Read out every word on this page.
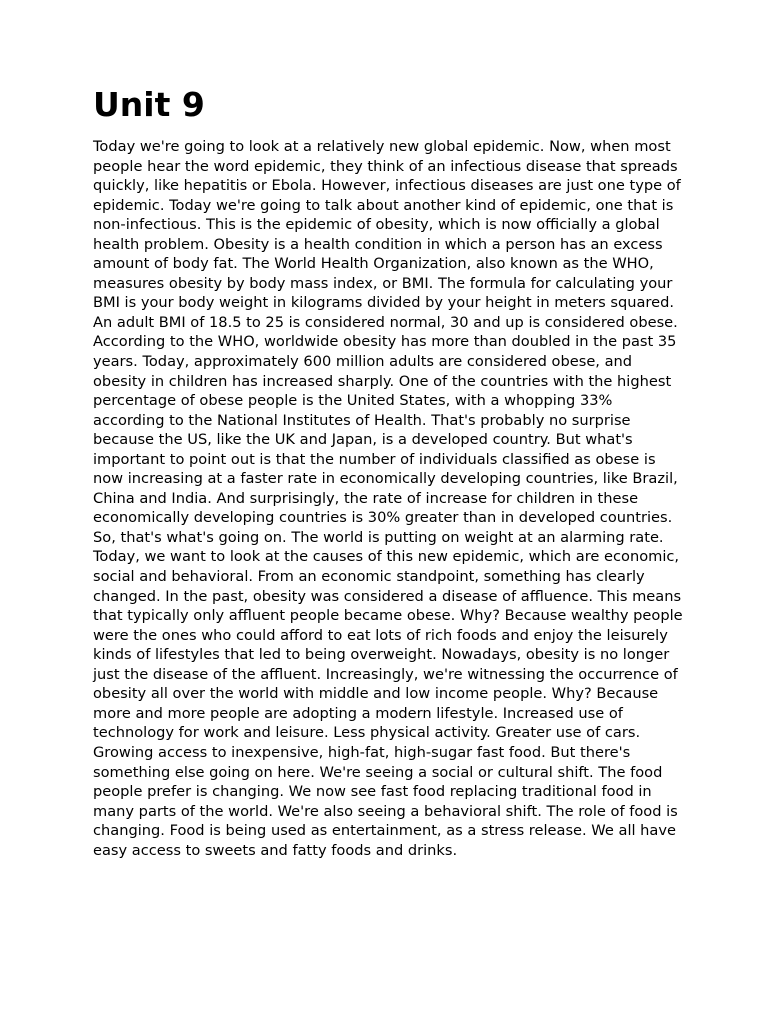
Unit 9

Today we're going to look at a relatively new global epidemic. Now, when most people hear the word epidemic, they think of an infectious disease that spreads quickly, like hepatitis or Ebola. However, infectious diseases are just one type of epidemic. Today we're going to talk about another kind of epidemic, one that is non-infectious. This is the epidemic of obesity, which is now officially a global health problem. Obesity is a health condition in which a person has an excess amount of body fat. The World Health Organization, also known as the WHO, measures obesity by body mass index, or BMI. The formula for calculating your BMI is your body weight in kilograms divided by your height in meters squared. An adult BMI of 18.5 to 25 is considered normal, 30 and up is considered obese. According to the WHO, worldwide obesity has more than doubled in the past 35 years. Today, approximately 600 million adults are considered obese, and obesity in children has increased sharply. One of the countries with the highest percentage of obese people is the United States, with a whopping 33% according to the National Institutes of Health. That's probably no surprise because the US, like the UK and Japan, is a developed country. But what's important to point out is that the number of individuals classified as obese is now increasing at a faster rate in economically developing countries, like Brazil, China and India. And surprisingly, the rate of increase for children in these economically developing countries is 30% greater than in developed countries. So, that's what's going on. The world is putting on weight at an alarming rate. Today, we want to look at the causes of this new epidemic, which are economic, social and behavioral. From an economic standpoint, something has clearly changed. In the past, obesity was considered a disease of affluence. This means that typically only affluent people became obese. Why? Because wealthy people were the ones who could afford to eat lots of rich foods and enjoy the leisurely kinds of lifestyles that led to being overweight. Nowadays, obesity is no longer just the disease of the affluent. Increasingly, we're witnessing the occurrence of obesity all over the world with middle and low income people. Why? Because more and more people are adopting a modern lifestyle. Increased use of technology for work and leisure. Less physical activity. Greater use of cars. Growing access to inexpensive, high-fat, high-sugar fast food. But there's something else going on here. We're seeing a social or cultural shift. The food people prefer is changing. We now see fast food replacing traditional food in many parts of the world. We're also seeing a behavioral shift. The role of food is changing. Food is being used as entertainment, as a stress release. We all have easy access to sweets and fatty foods and drinks.
